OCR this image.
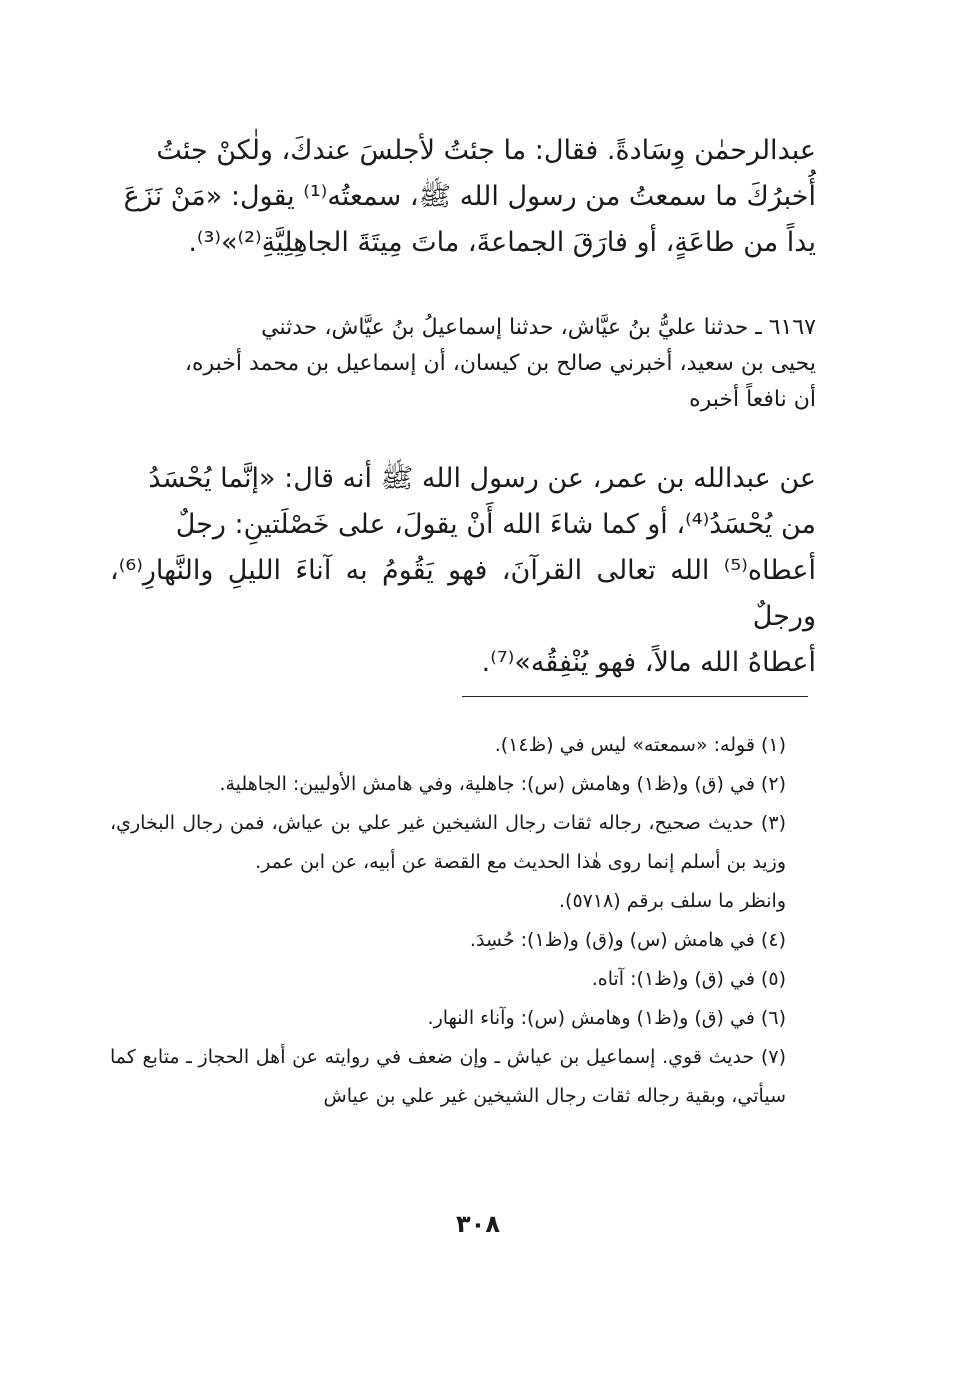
عبدالرحمٰن وِسَادةً. فقال: ما جئتُ لأجلسَ عندكَ، ولٰكنْ جئتُ

أُخبرُكَ ما سمعتُ من رسول الله ﷺ، سمعتُه⁽¹⁾ يقول: «مَنْ نَزَعَ

يداً من طاعَةٍ، أو فارَقَ الجماعةَ، ماتَ مِيتَةَ الجاهِلِيَّةِ⁽²⁾»⁽³⁾.

٦١٦٧ ـ حدثنا عليُّ بنُ عيَّاش، حدثنا إسماعيلُ بنُ عيَّاش، حدثني

يحيى بن سعيد، أخبرني صالح بن كيسان، أن إسماعيل بن محمد أخبره،

أن نافعاً أخبره

عن عبدالله بن عمر، عن رسول الله ﷺ أنه قال: «إنَّما يُحْسَدُ

من يُحْسَدُ⁽⁴⁾، أو كما شاءَ الله أَنْ يقولَ، على خَصْلَتينِ: رجلٌ

أعطاه⁽⁵⁾ الله تعالى القرآنَ، فهو يَقُومُ به آناءَ الليلِ والنَّهارِ⁽⁶⁾، ورجلٌ

أعطاهُ الله مالاً، فهو يُنْفِقُه»⁽⁷⁾.

(١) قوله: «سمعته» ليس في (ظ١٤).

(٢) في (ق) و(ظ١) وهامش (س): جاهلية، وفي هامش الأوليين: الجاهلية.

(٣) حديث صحيح، رجاله ثقات رجال الشيخين غير علي بن عياش، فمن رجال البخاري، وزيد بن أسلم إنما روى هٰذا الحديث مع القصة عن أبيه، عن ابن عمر.

وانظر ما سلف برقم (٥٧١٨).

(٤) في هامش (س) و(ق) و(ظ١): حُسِدَ.

(٥) في (ق) و(ظ١): آتاه.

(٦) في (ق) و(ظ١) وهامش (س): وآناء النهار.

(٧) حديث قوي. إسماعيل بن عياش ـ وإن ضعف في روايته عن أهل الحجاز ـ متابع كما سيأتي، وبقية رجاله ثقات رجال الشيخين غير علي بن عياش

٣٠٨
